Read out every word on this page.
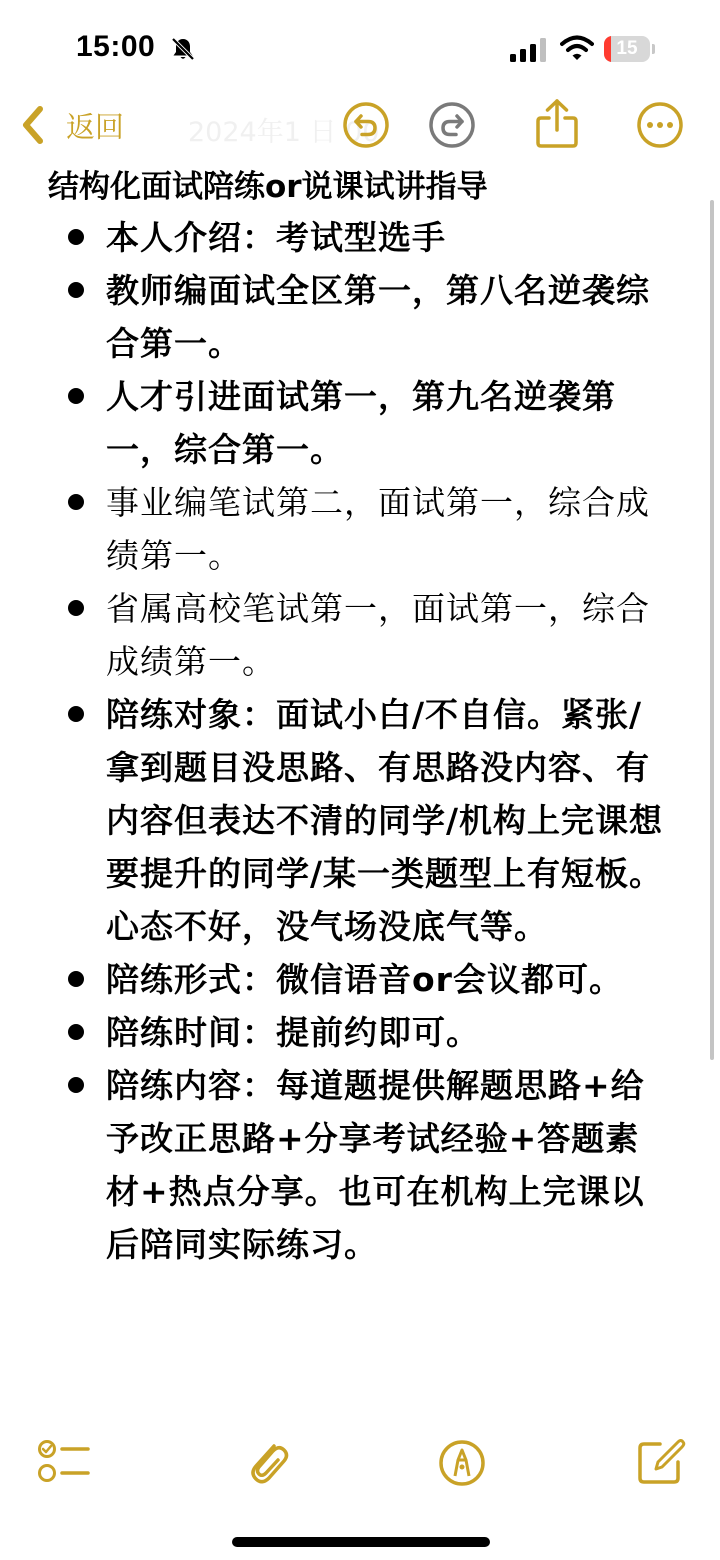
15:00	15
返回 2024年1 日 00
结构化面试陪练or说课试讲指导
本人介绍：考试型选手
教师编面试全区第一，第八名逆袭综合第一。
人才引进面试第一，第九名逆袭第一，综合第一。
事业编笔试第二，面试第一，综合成绩第一。
省属高校笔试第一，面试第一，综合成绩第一。
陪练对象：面试小白/不自信。紧张/拿到题目没思路、有思路没内容、有内容但表达不清的同学/机构上完课想要提升的同学/某一类题型上有短板。心态不好，没气场没底气等。
陪练形式：微信语音or会议都可。
陪练时间：提前约即可。
陪练内容：每道题提供解题思路+给予改正思路+分享考试经验+答题素材+热点分享。也可在机构上完课以后陪同实际练习。
